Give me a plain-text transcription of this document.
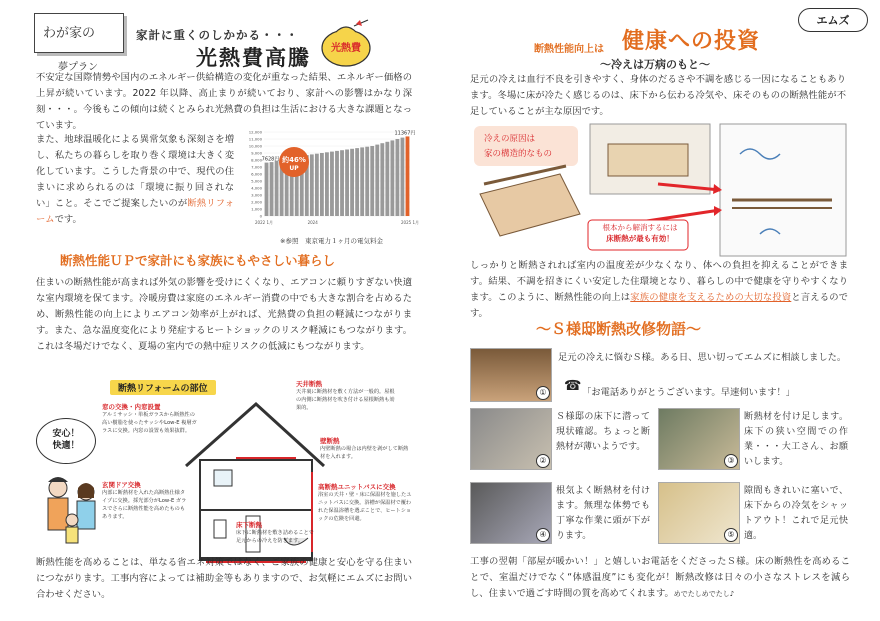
わが家の
夢プラン
家計に重くのしかかる・・・
光熱費高騰 光熱費

不安定な国際情勢や国内のエネルギー供給構造の変化が重なった結果、エネルギー価格の上昇が続いています。2022 年以降、高止まりが続いており、家計への影響はかなり深刻・・・。今後もこの傾向は続くとみられ光熱費の負担は生活における大きな課題となっています。

また、地球温暖化による異常気象も深刻さを増し、私たちの暮らしを取り巻く環境は大きく変化しています。こうした背景の中で、現代の住まいに求められるのは「環境に振り回されない」こと。そこでご提案したいのが断熱リフォームです。

12,000
11,000
10,000
9,000
8,000
7,000
6,000
5,000
4,000
3,000
2,000
1,000
0
2022 1月	2024	2025 1月
7628円
11367円
約46%
UP
※参照　東京電力１ヶ月の電気料金
断熱性能ＵＰで家計にも家族にもやさしい暮らし

住まいの断熱性能が高まれば外気の影響を受けにくくなり、エアコンに頼りすぎない快適な室内環境を保てます。冷暖房費は家庭のエネルギー消費の中でも大きな割合を占めるため、断熱性能の向上によりエアコン効率が上がれば、光熱費の負担の軽減につながります。また、急な温度変化により発症するヒートショックのリスク軽減にもつながります。これは冬場だけでなく、夏場の室内での熱中症リスクの低減にもつながります。

断熱リフォームの部位
安心！
快適！
窓の交換・内窓設置
アルミサッシ・単板ガラスから断熱性の高い樹脂を使ったサッシやLow-E 複層ガラスに交換。内窓の設置も効果抜群。
天井断熱
天井裏に断熱材を敷く方法が一般的。屋根の内側に断熱材を吹き付ける屋根断熱も効果的。
壁断熱
内壁断熱の場合は内壁を剥がして断熱材を入れます。
玄関ドア交換
内部に断熱材を入れた高断熱仕様タイプに交換。採光部分がLow-E ガラスでさらに断熱性能を高めたものもあります。
高断熱ユニットバスに交換
浴室の天井・壁・床に保温材を施したユニットバスに交換。浴槽が保温材で覆われた保温浴槽を選ぶことで、ヒートショックの危険を回避。
床下断熱
床下に断熱材を敷き詰めることで足元からの冷えを防ぎます。

断熱性能を高めることは、単なる省エネ対策ではなく、ご家族の健康と安心を守る住まいにつながります。工事内容によっては補助金等もありますので、お気軽にエムズにお問い合わせください。

エムズ
断熱性能向上は 健康への投資
〜冷えは万病のもと〜

足元の冷えは血行不良を引きやすく、身体のだるさや不調を感じる一因になることもあります。冬場に床が冷たく感じるのは、床下から伝わる冷気や、床そのものの断熱性能が不足していることが主な原因です。

冷えの原因は
家の構造的なもの
根本から解消するには
床断熱が最も有効！

しっかりと断熱されれば室内の温度差が少なくなり、体への負担を抑えることができます。結果、不調を招きにくい安定した住環境となり、暮らしの中で健康を守りやすくなります。このように、断熱性能の向上は家族の健康を支えるための大切な投資と言えるのです。

〜Ｓ様邸断熱改修物語〜
①

足元の冷えに悩むＳ様。ある日、思い切ってエムズに相談しました。

☎ 「お電話ありがとうございます。早速伺います！」
②

Ｓ様邸の床下に潜って現状確認。ちょっと断熱材が薄いようです。

③

断熱材を付け足します。床下の狭い空間での作業・・・大工さん、お願いします。

④

根気よく断熱材を付けます。無理な体勢でも丁寧な作業に頭が下がります。	⑤

隙間もきれいに塞いで、床下からの冷気をシャットアウト！これで足元快適。

工事の翌朝「部屋が暖かい！」と嬉しいお電話をくださったＳ様。床の断熱性を高めることで、室温だけでなく“体感温度”にも変化が！断熱改修は日々の小さなストレスを減らし、住まいで過ごす時間の質を高めてくれます。めでたしめでたし♪
